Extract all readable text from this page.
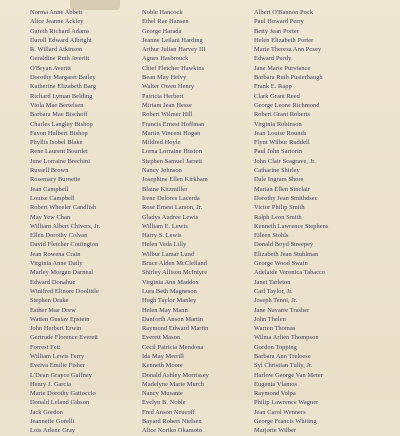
Norma Anne Abbett
Alice Jeanne Ackley
Gareth Richard Adams
Daroll Edward Albright
R. Willard Atkinson
Geraldine Ruth Averitt
O'Bryan Averitt
Dorothy Margaret Bailey
Katherine Elizabeth Barg
Richard Lyman Belding
Viola Mae Bertelsen
Barbara Mae Bischoff
Charles Langley Bishop
Faxon Hulbert Bishop
Phyllis Isobel Blake
Rene Laurent Bourdet
June Lorraine Brechini
Russell Brown
Rosemary Burnette
Jean Campbell
Louise Campbell
Robert Wheeler Candlish
May Yew Chan
William Albert Chivers, Jr.
Ellen Dorothy Colvan
David Fletcher Cottington
Jean Rowena Crain
Virginia Anne Daily
Marley Morgan Darneal
Edward Donahue
Winifred Elinore Doolittle
Stephen Drake
Esther Mae Drew
Watten Gustav Epstein
John Herbert Erwin
Gertrude Florence Everett
Forrest Fett
William Lewis Ferry
Eveiva Emilie Fisher
L'Dean Grayce Gaffney
Henry J. Garcia
Marie Dorothy Gattoccio
Donald Leland Gibson
Jack Gordon
Jeannette Gorelli
Lois Arlene Gray
Noble Hancock
Ethel Rae Hansen
George Harada
Jeanne Leilani Harding
Arthur Julian Harvey III
Agnes Hasbrouck
Chief Fletcher Hawkins
Bean May Helvy
Walter Owen Henry
Patricia Herbert
Miriam Jean Hesse
Robert Wilmer Hill
Francis Ernest Hoffman
Martin Vincent Hogan
Mildred Hoyle
Lorna Lorraine Huston
Stephen Samuel Jarrett
Nancy Johnson
Josephine Ellen Kirkham
Blaine Kitzmiller
Irene Delores Lacerda
Rose Ernest Larson, Jr.
Gladys Audree Lewis
William E. Lewis
Harry S. Lewis
Helen Veda Lilly
Wilbur Lamar Lund
Bruce Alden McClelland
Shirley Allison McIntyre
Virginia Ann Maddox
Lura Beth Magneson
Hugh Taylor Manley
Helen May Mann
Danforth Anson Martin
Raymond Edward Martin
Everett Mason
Cecil Patricia Mendona
Ida May Merrill
Kenneth Moore
Donald Ashley Morrissey
Madelyne Marie Murch
Nancy Musante
Evelyn B. Noble
Fred Anson Neucoff
Bayard Robert Nielsen
Alice Noriko Okamoto
Albert O'Bannon Pock
Paul Howard Perry
Betty Jean Porter
Helen Elizabeth Porter
Marie Theresa Ann Posey
Edward Purdy
Jane Marie Purviance
Barbara Ruth Pusterbaugh
Frank E. Rapp
Clark Grant Reed
George Leone Richmond
Robert Grant Roberts
Virginia Robinson
Jean Louise Rounds
Flynt Wilbur Ruddell
Paul John Sartorin
John Clair Seagrave, Jr.
Catharine Shirley
Dale Ingram Shore
Marian Ellen Sinclair
Dorothy Jean Smithdsec
Victor Philip Smith
Ralph Leon Smith
Kenneth Lawrence Stephens
Eileen Stohls
Donald Boyd Streepey
Elizabeth Jean Stuhlman
George Wood Swain
Adelaide Veronica Tabacco
Janet Tarleton
Carl Taylor, Jr.
Joseph Tenni, Jr.
Jane Navarre Trasher
John Thelen
Warren Thomas
Wilma Arlien Thompson
Gordon Topping
Barbara Ann Treloese
Syl Christian Tully, Jr.
Harlow George Van Meter
Eugenia Vlamos
Raymond Volpa
Philip Lawrence Wagner
Jean Carol Wenners
George Francis Whiting
Marjorie Wilber
